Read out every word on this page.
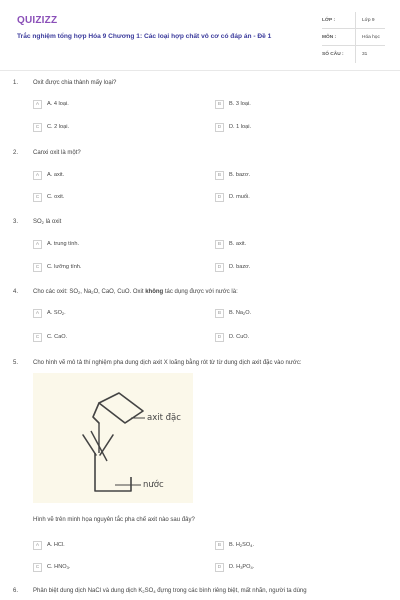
QUIZIZZ
Trắc nghiệm tổng hợp Hóa 9 Chương 1: Các loại hợp chất vô cơ có đáp án - Đề 1
LỚP :	Lớp 9
MÔN :	Hóa học
SỐ CÂU :	31
1. Oxit được chia thành mấy loại?
A	A. 4 loại.	B	B. 3 loại.
C	C. 2 loại.	D	D. 1 loại.
2. Canxi oxit là một?
A	A. axit.	B	B. bazơ.
C	C. oxit.	D	D. muối.
3. $SO_2$ là oxit
A	A. trung tính.	B	B. axit.
C	C. lưỡng tính.	D	D. bazơ.
4. Cho các oxit: $SO_2$, $Na_2O$, CaO, CuO. Oxit không tác dụng được với nước là:
A	A. $SO_2$.	B	B. $Na_2O$.
C	C. CaO.	D	D. CuO.
5. Cho hình vẽ mô tả thí nghiệm pha dung dịch axit X loãng bằng rót từ từ dung dịch axit đặc vào nước:
axit đặc
nước
Hình vẽ trên minh họa nguyên tắc pha chế axit nào sau đây?
A	A. HCl.	B	B. $H_2SO_4$.
C	C. $HNO_3$.	D	D. $H_3PO_4$.
6. Phân biệt dung dịch NaCl và dung dịch $K_2SO_4$ đựng trong các bình riêng biệt, mất nhãn, người ta dùng
